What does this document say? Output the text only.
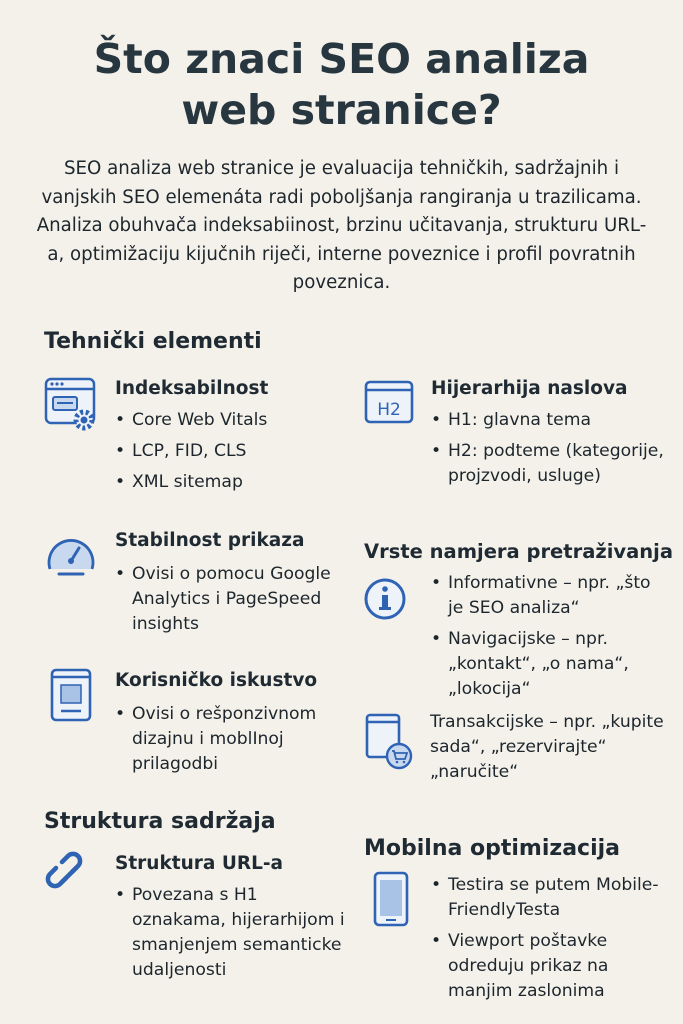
Što znaci SEO analiza
web stranice?

SEO analiza web stranice je evaluacija tehničkih, sadržajnih i vanjskih SEO elemenáta radi poboljšanja rangiranja u trazilicama. Analiza obuhvača indeksabiinost, brzinu učitavanja, strukturu URL-a, optimižaciju kijučnih riječi, interne poveznice i profil povratnih poveznica.

Tehnički elementi
Struktura sadržaja
Vrste namjera pretraživanja
Mobilna optimizacija
Indeksabilnost
• Core Web Vitals
• LCP, FID, CLS
• XML sitemap
Stabilnost prikaza
• Ovisi o pomocu Google Analytics i PageSpeed insights
Korisničko iskustvo
• Ovisi o rešponzivnom dizajnu i moblInoj prilagodbi
Struktura URL-a
• Povezana s H1 oznakama, hijerarhijom i smanjenjem semanticke udaljenosti
H2
Hijerarhija naslova
• H1: glavna tema
• H2: podteme (kategorije, projzvodi, usluge)
• Informativne – npr. „što je SEO analiza“
• Navigacijske – npr. „kontakt“, „o nama“, „lokocija“
Transakcijske – npr. „kupite sada“, „rezervirajte“ „naručite“
• Testira se putem Mobile-FriendlyTesta
• Viewport poštavke odreduju prikaz na manjim zaslonima
